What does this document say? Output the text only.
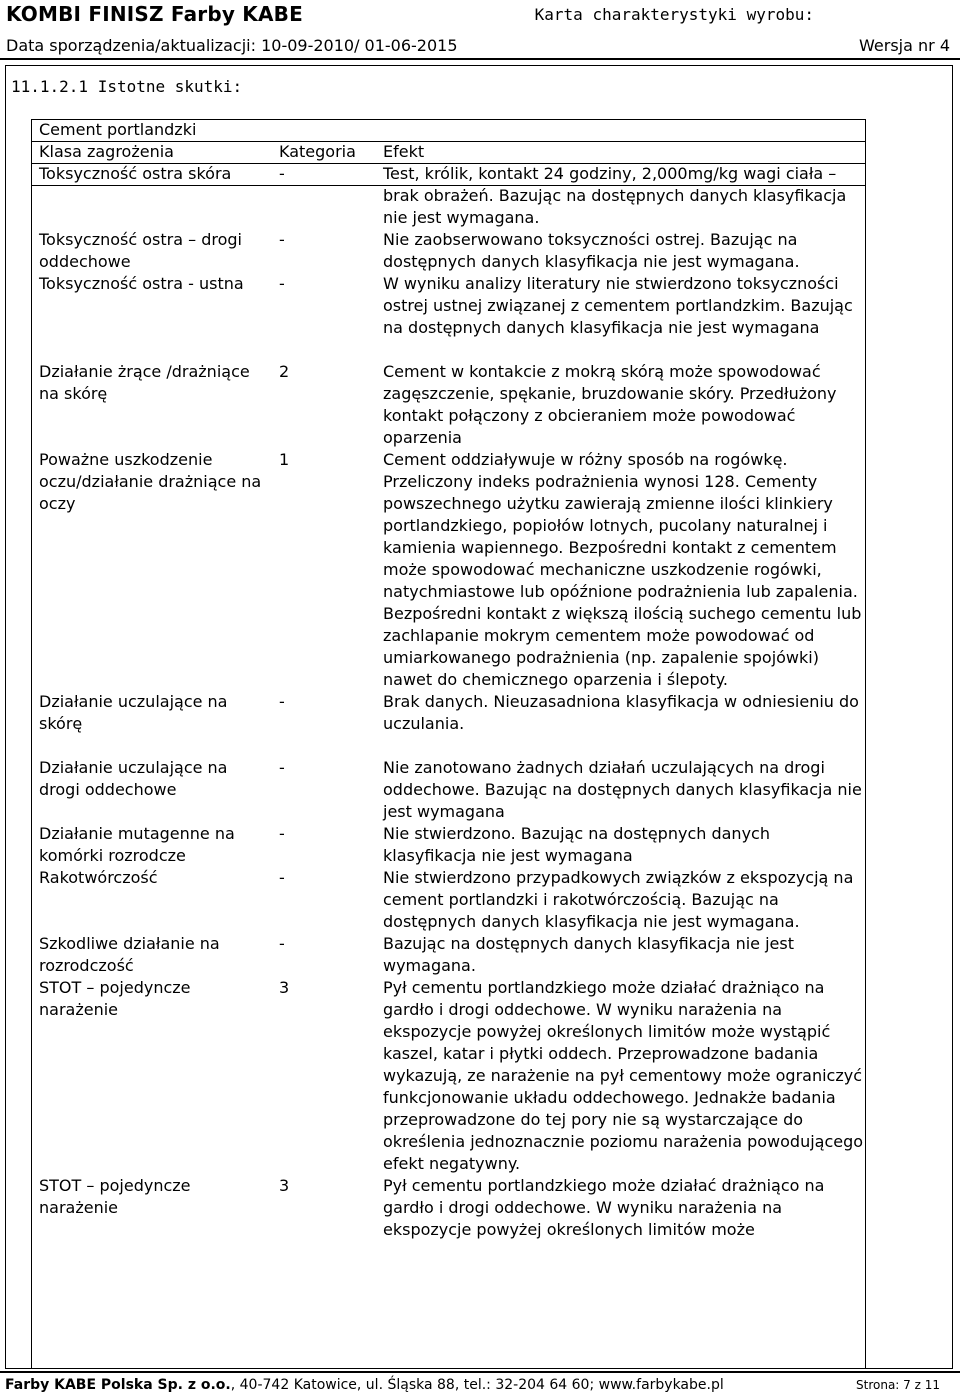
KOMBI FINISZ Farby KABE	Karta charakterystyki wyrobu:
Data sporządzenia/aktualizacji: 10-09-2010/ 01-06-2015	Wersja nr 4
11.1.2.1 Istotne skutki:
Cement portlandzki		
Klasa zagrożenia	Kategoria	Efekt
Toksyczność ostra skóra	-	Test, królik, kontakt 24 godziny, 2,000mg/kg wagi ciała – brak obrażeń. Bazując na dostępnych danych klasyfikacja nie jest wymagana.
Toksyczność ostra – drogi oddechowe	-	Nie zaobserwowano toksyczności ostrej. Bazując na dostępnych danych klasyfikacja nie jest wymagana.
Toksyczność ostra - ustna	-	W wyniku analizy literatury nie stwierdzono toksyczności ostrej ustnej związanej z cementem portlandzkim. Bazując na dostępnych danych klasyfikacja nie jest wymagana
Działanie żrące /drażniące na skórę	2	Cement w kontakcie z mokrą skórą może spowodować zagęszczenie, spękanie, bruzdowanie skóry. Przedłużony kontakt połączony z obcieraniem może powodować oparzenia
Poważne uszkodzenie oczu/działanie drażniące na oczy	1	Cement oddziaływuje w różny sposób na rogówkę. Przeliczony indeks podrażnienia wynosi 128. Cementy powszechnego użytku zawierają zmienne ilości klinkiery portlandzkiego, popiołów lotnych, pucolany naturalnej i kamienia wapiennego. Bezpośredni kontakt z cementem może spowodować mechaniczne uszkodzenie rogówki, natychmiastowe lub opóźnione podrażnienia lub zapalenia. Bezpośredni kontakt z większą ilością suchego cementu lub zachlapanie mokrym cementem może powodować od umiarkowanego podrażnienia (np. zapalenie spojówki) nawet do chemicznego oparzenia i ślepoty.
Działanie uczulające na skórę	-	Brak danych. Nieuzasadniona klasyfikacja w odniesieniu do uczulania.
Działanie uczulające na drogi oddechowe	-	Nie zanotowano żadnych działań uczulających na drogi oddechowe. Bazując na dostępnych danych klasyfikacja nie jest wymagana
Działanie mutagenne na komórki rozrodcze	-	Nie stwierdzono. Bazując na dostępnych danych klasyfikacja nie jest wymagana
Rakotwórczość	-	Nie stwierdzono przypadkowych związków z ekspozycją na cement portlandzki i rakotwórczością. Bazując na dostępnych danych klasyfikacja nie jest wymagana.
Szkodliwe działanie na rozrodczość	-	Bazując na dostępnych danych klasyfikacja nie jest wymagana.
STOT – pojedyncze narażenie	3	Pył cementu portlandzkiego może działać drażniąco na gardło i drogi oddechowe. W wyniku narażenia na ekspozycje powyżej określonych limitów może wystąpić kaszel, katar i płytki oddech. Przeprowadzone badania wykazują, ze narażenie na pył cementowy może ograniczyć funkcjonowanie układu oddechowego. Jednakże badania przeprowadzone do tej pory nie są wystarczające do określenia jednoznacznie poziomu narażenia powodującego efekt negatywny.
STOT – pojedyncze narażenie	3	Pył cementu portlandzkiego może działać drażniąco na gardło i drogi oddechowe. W wyniku narażenia na ekspozycje powyżej określonych limitów może
Farby KABE Polska Sp. z o.o., 40-742 Katowice, ul. Śląska 88, tel.: 32-204 64 60; www.farbykabe.pl	Strona: 7 z 11
